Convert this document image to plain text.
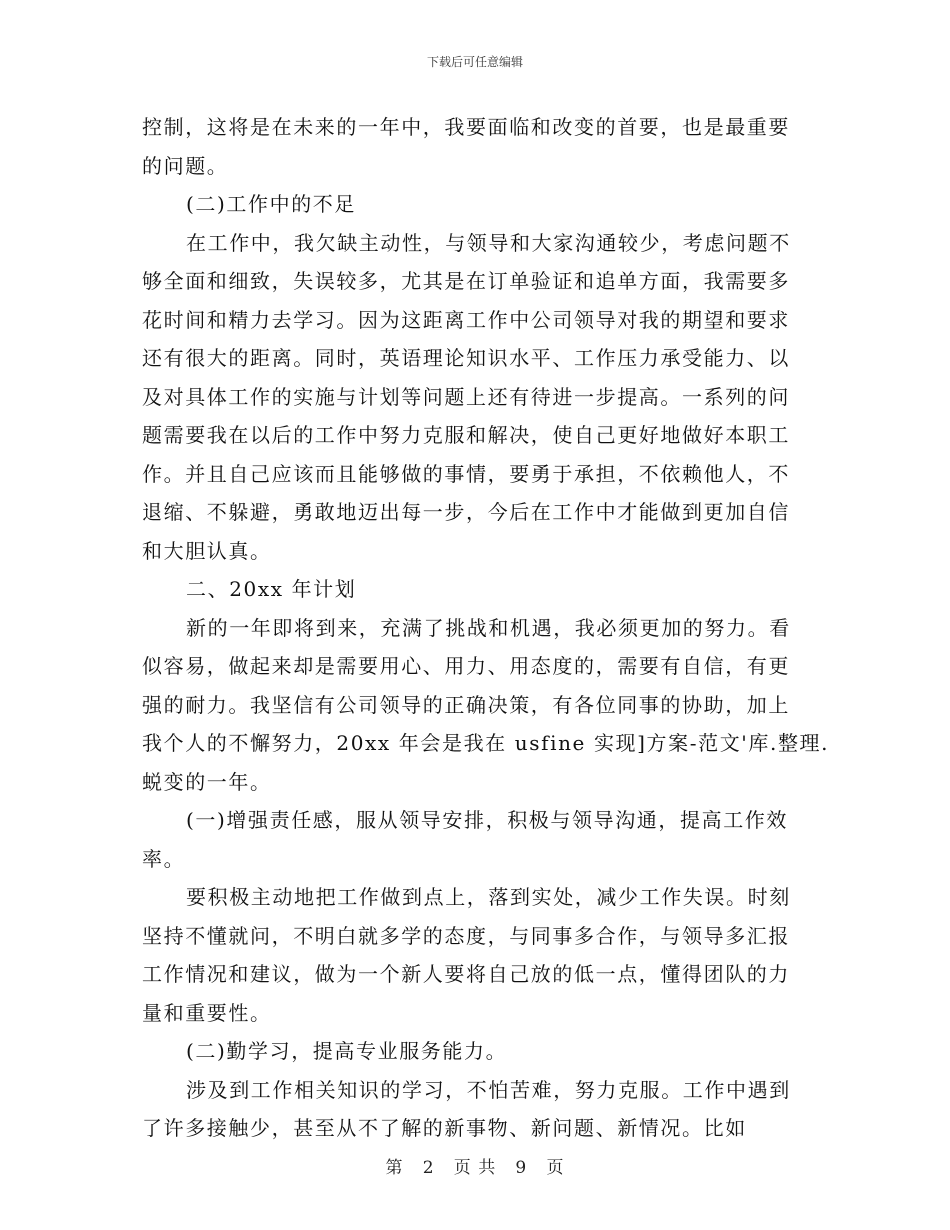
下载后可任意编辑
控制，这将是在未来的一年中，我要面临和改变的首要，也是最重要
的问题。
(二)工作中的不足
在工作中，我欠缺主动性，与领导和大家沟通较少，考虑问题不
够全面和细致，失误较多，尤其是在订单验证和追单方面，我需要多
花时间和精力去学习。因为这距离工作中公司领导对我的期望和要求
还有很大的距离。同时，英语理论知识水平、工作压力承受能力、以
及对具体工作的实施与计划等问题上还有待进一步提高。一系列的问
题需要我在以后的工作中努力克服和解决，使自己更好地做好本职工
作。并且自己应该而且能够做的事情，要勇于承担，不依赖他人，不
退缩、不躲避，勇敢地迈出每一步，今后在工作中才能做到更加自信
和大胆认真。
二、20xx 年计划
新的一年即将到来，充满了挑战和机遇，我必须更加的努力。看
似容易，做起来却是需要用心、用力、用态度的，需要有自信，有更
强的耐力。我坚信有公司领导的正确决策，有各位同事的协助，加上
我个人的不懈努力，20xx 年会是我在 usfine 实现]方案-范文'库.整理.
蜕变的一年。
(一)增强责任感，服从领导安排，积极与领导沟通，提高工作效
率。
要积极主动地把工作做到点上，落到实处，减少工作失误。时刻
坚持不懂就问，不明白就多学的态度，与同事多合作，与领导多汇报
工作情况和建议，做为一个新人要将自己放的低一点，懂得团队的力
量和重要性。
(二)勤学习，提高专业服务能力。
涉及到工作相关知识的学习，不怕苦难，努力克服。工作中遇到
了许多接触少，甚至从不了解的新事物、新问题、新情况。比如
第 2 页 共 9 页
